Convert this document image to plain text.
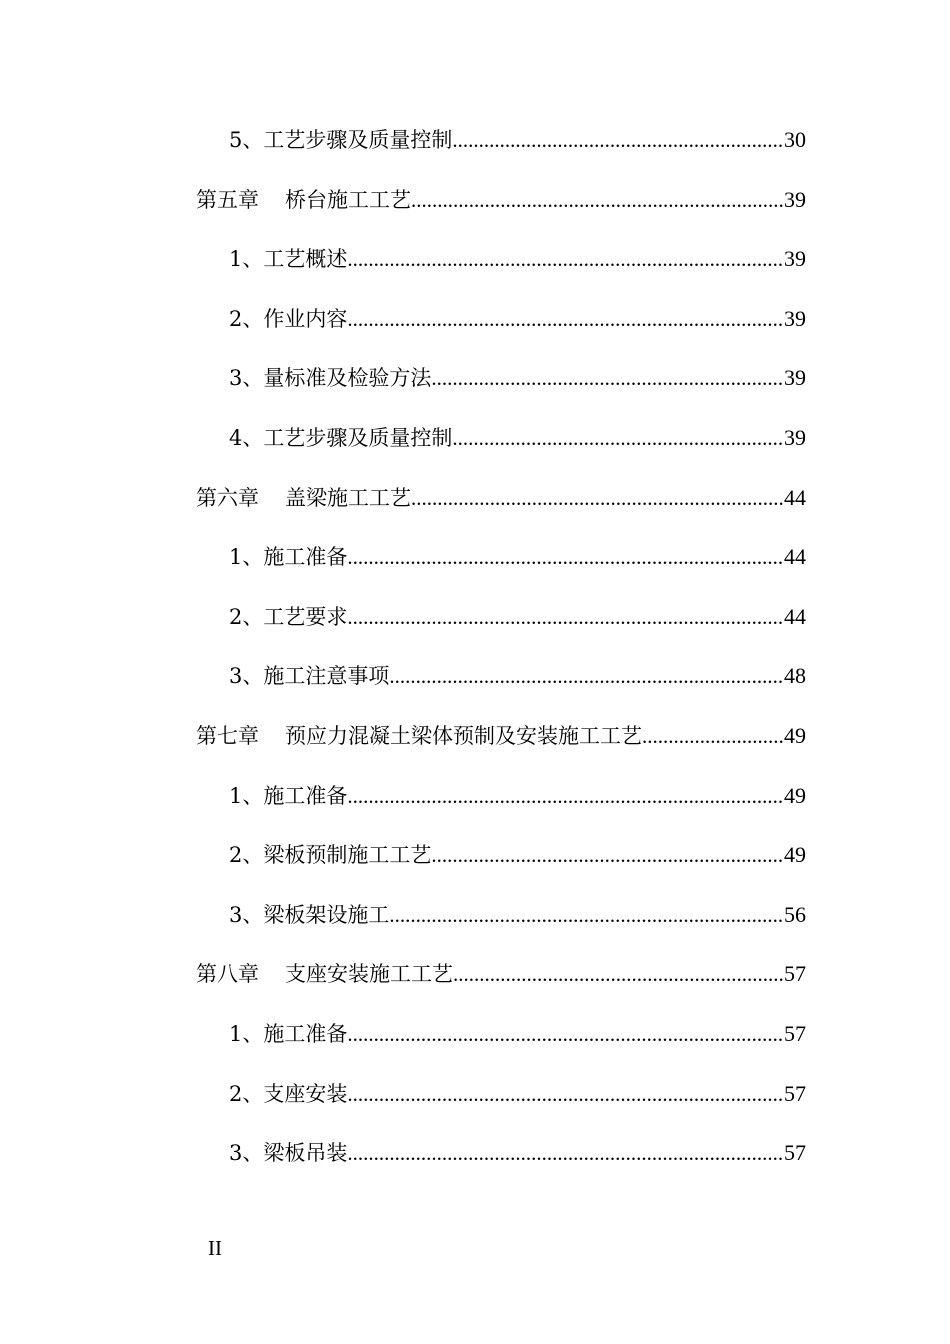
5、工艺步骤及质量控制 .....	30
第五章 桥台施工工艺 .....	39
1、工艺概述 .....	39
2、作业内容 .....	39
3、量标准及检验方法 .....	39
4、工艺步骤及质量控制 .....	39
第六章 盖梁施工工艺 .....	44
1、施工准备 .....	44
2、工艺要求 .....	44
3、施工注意事项 .....	48
第七章 预应力混凝土梁体预制及安装施工工艺 .....	49
1、施工准备 .....	49
2、梁板预制施工工艺 .....	49
3、梁板架设施工 .....	56
第八章 支座安装施工工艺 .....	57
1、施工准备 .....	57
2、支座安装 .....	57
3、梁板吊装 .....	57
II
